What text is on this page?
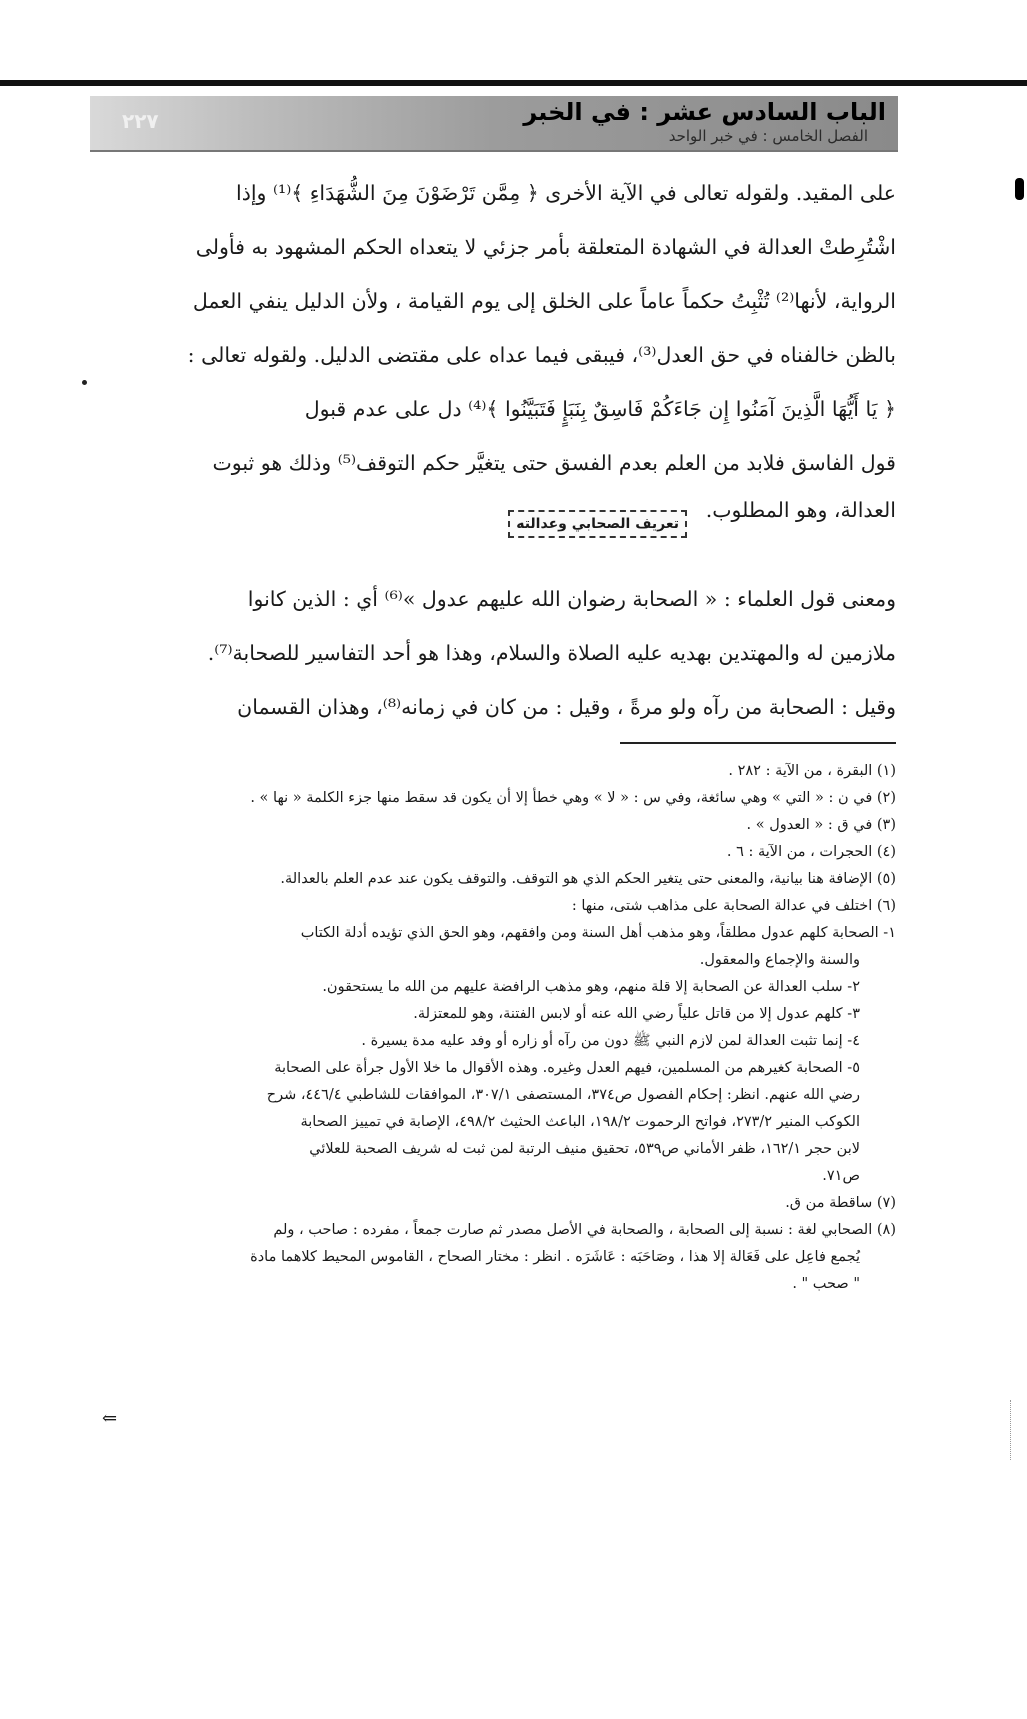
الباب السادس عشر : في الخبر
الفصل الخامس : في خبر الواحد
٢٢٧
على المقيد. ولقوله تعالى في الآية الأخرى ﴿ مِمَّن تَرْضَوْنَ مِنَ الشُّهَدَاءِ ﴾⁽¹⁾ وإذا
اشْتُرِطتْ العدالة في الشهادة المتعلقة بأمر جزئي لا يتعداه الحكم المشهود به فأولى
الرواية، لأنها⁽²⁾ تُثْبِتُ حكماً عاماً على الخلق إلى يوم القيامة ، ولأن الدليل ينفي العمل
بالظن خالفناه في حق العدل⁽³⁾، فيبقى فيما عداه على مقتضى الدليل. ولقوله تعالى :
﴿ يَا أَيُّهَا الَّذِينَ آمَنُوا إِن جَاءَكُمْ فَاسِقٌ بِنَبَإٍ فَتَبَيَّنُوا ﴾⁽⁴⁾ دل على عدم قبول
قول الفاسق فلابد من العلم بعدم الفسق حتى يتغيَّر حكم التوقف⁽⁵⁾ وذلك هو ثبوت
العدالة، وهو المطلوب.
ومعنى قول العلماء : « الصحابة رضوان الله عليهم عدول »⁽⁶⁾ أي : الذين كانوا
ملازمين له والمهتدين بهديه عليه الصلاة والسلام، وهذا هو أحد التفاسير للصحابة⁽⁷⁾.
وقيل : الصحابة من رآه ولو مرةً ، وقيل : من كان في زمانه⁽⁸⁾، وهذان القسمان
تعريف الصحابي وعدالته
(١) البقرة ، من الآية : ٢٨٢ .
(٢) في ن : « التي » وهي سائغة، وفي س : « لا » وهي خطأ إلا أن يكون قد سقط منها جزء الكلمة « نها » .
(٣) في ق : « العدول » .
(٤) الحجرات ، من الآية : ٦ .
(٥) الإضافة هنا بيانية، والمعنى حتى يتغير الحكم الذي هو التوقف. والتوقف يكون عند عدم العلم بالعدالة.
(٦) اختلف في عدالة الصحابة على مذاهب شتى، منها :
١- الصحابة كلهم عدول مطلقاً، وهو مذهب أهل السنة ومن وافقهم، وهو الحق الذي تؤيده أدلة الكتاب
والسنة والإجماع والمعقول.
٢- سلب العدالة عن الصحابة إلا قلة منهم، وهو مذهب الرافضة عليهم من الله ما يستحقون.
٣- كلهم عدول إلا من قاتل علياً رضي الله عنه أو لابس الفتنة، وهو للمعتزلة.
٤- إنما تثبت العدالة لمن لازم النبي ﷺ دون من رآه أو زاره أو وفد عليه مدة يسيرة .
٥- الصحابة كغيرهم من المسلمين، فيهم العدل وغيره. وهذه الأقوال ما خلا الأول جرأة على الصحابة
رضي الله عنهم. انظر: إحكام الفصول ص٣٧٤، المستصفى ٣٠٧/١، الموافقات للشاطبي ٤٤٦/٤، شرح
الكوكب المنير ٢٧٣/٢، فواتح الرحموت ١٩٨/٢، الباعث الحثيث ٤٩٨/٢، الإصابة في تمييز الصحابة
لابن حجر ١٦٢/١، ظفر الأماني ص٥٣٩، تحقيق منيف الرتبة لمن ثبت له شريف الصحبة للعلائي
ص٧١.
(٧) ساقطة من ق.
(٨) الصحابي لغة : نسبة إلى الصحابة ، والصحابة في الأصل مصدر ثم صارت جمعاً ، مفرده : صاحب ، ولم
يُجمع فاعِل على فَعَالة إلا هذا ، وصَاحَبَه : عَاشَرَه . انظر : مختار الصحاح ، القاموس المحيط كلاهما مادة
" صحب " .
⇐
